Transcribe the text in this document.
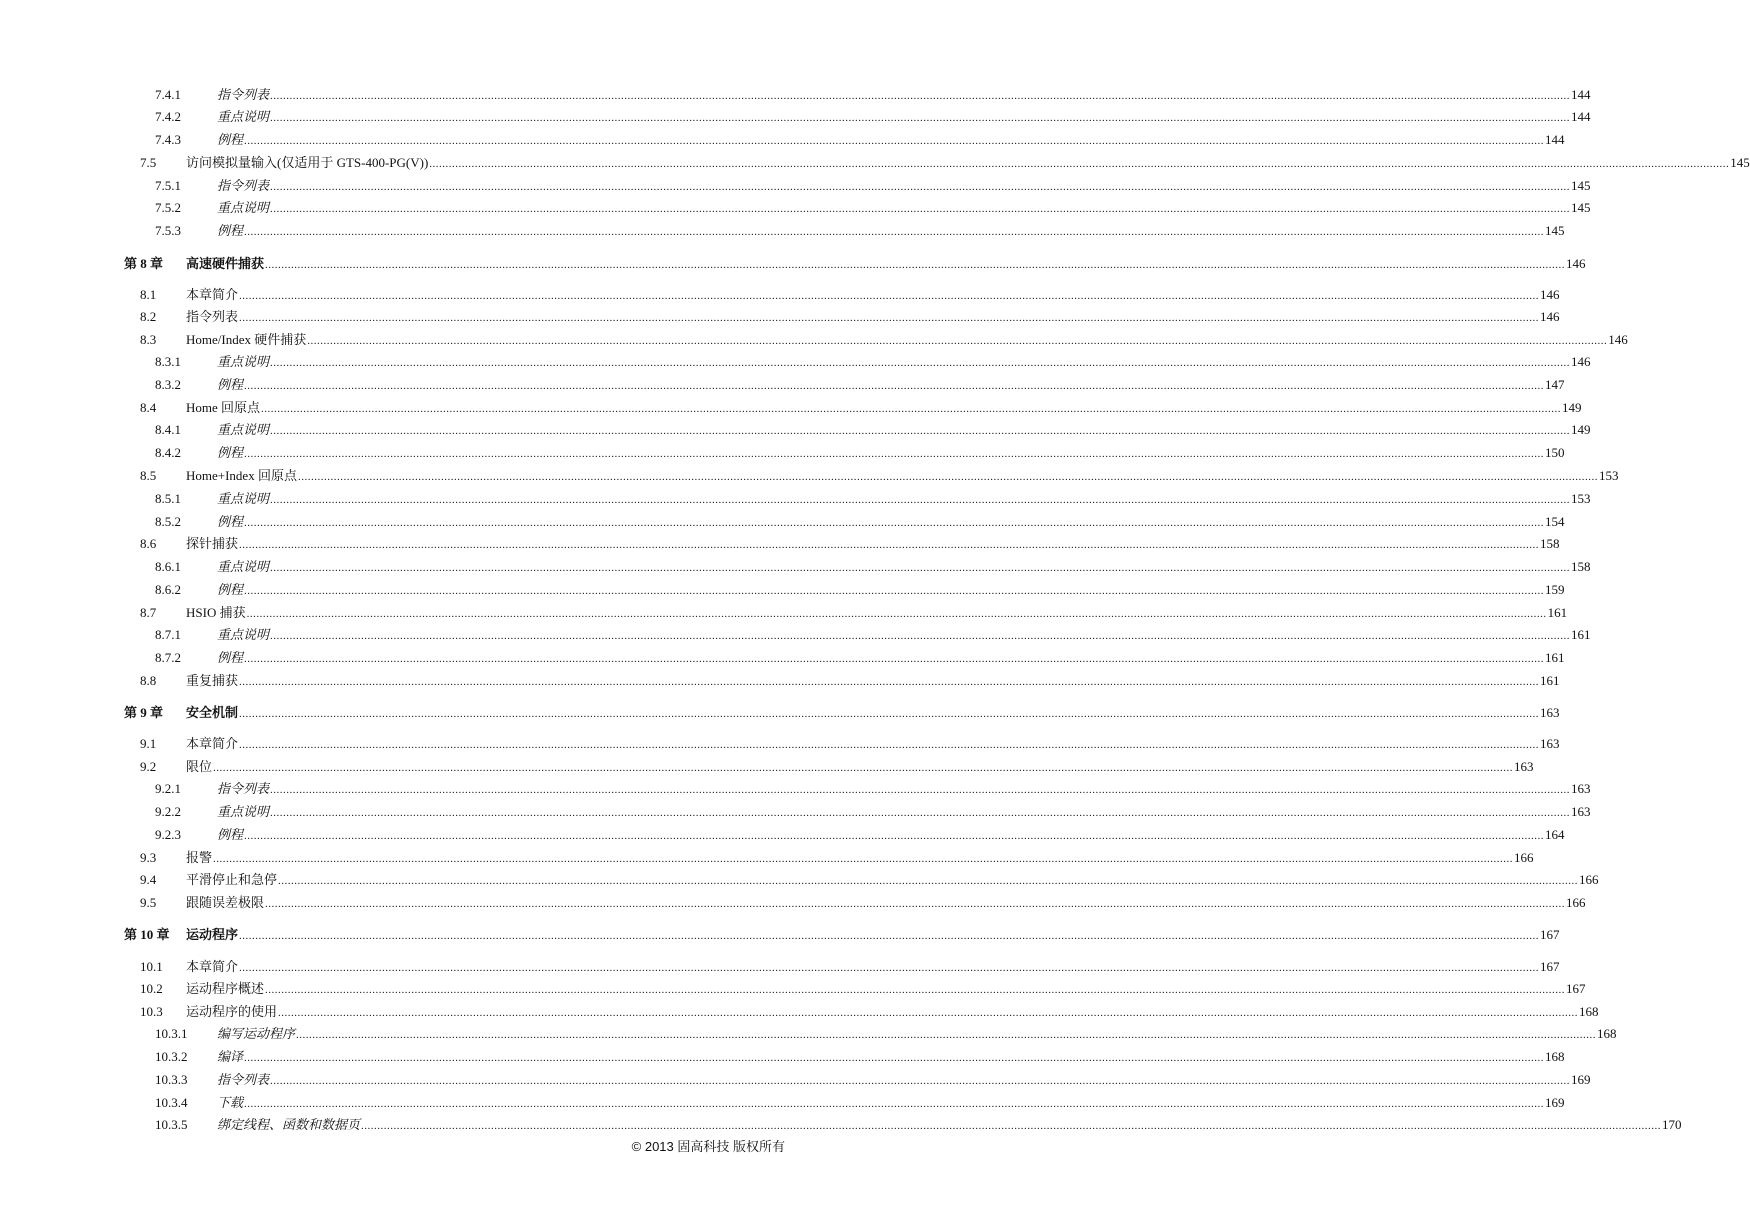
7.4.1	指令列表 ................................................................................................................................................................................................................................................................................................................................................................................................................ 144
7.4.2	重点说明 ................................................................................................................................................................................................................................................................................................................................................................................................................ 144
7.4.3	例程 ................................................................................................................................................................................................................................................................................................................................................................................................................ 144
7.5 访问模拟量输入(仅适用于 GTS-400-PG(V)) ................................................................................................................................................................................................................................................................................................................................................................................................................ 145
7.5.1	指令列表 ................................................................................................................................................................................................................................................................................................................................................................................................................ 145
7.5.2	重点说明 ................................................................................................................................................................................................................................................................................................................................................................................................................ 145
7.5.3	例程 ................................................................................................................................................................................................................................................................................................................................................................................................................ 145
第 8 章 高速硬件捕获 ................................................................................................................................................................................................................................................................................................................................................................................................................ 146
8.1 本章简介 ................................................................................................................................................................................................................................................................................................................................................................................................................ 146
8.2 指令列表 ................................................................................................................................................................................................................................................................................................................................................................................................................ 146
8.3 Home/Index 硬件捕获 ................................................................................................................................................................................................................................................................................................................................................................................................................ 146
8.3.1	重点说明 ................................................................................................................................................................................................................................................................................................................................................................................................................ 146
8.3.2	例程 ................................................................................................................................................................................................................................................................................................................................................................................................................ 147
8.4 Home 回原点 ................................................................................................................................................................................................................................................................................................................................................................................................................ 149
8.4.1	重点说明 ................................................................................................................................................................................................................................................................................................................................................................................................................ 149
8.4.2	例程 ................................................................................................................................................................................................................................................................................................................................................................................................................ 150
8.5 Home+Index 回原点 ................................................................................................................................................................................................................................................................................................................................................................................................................ 153
8.5.1	重点说明 ................................................................................................................................................................................................................................................................................................................................................................................................................ 153
8.5.2	例程 ................................................................................................................................................................................................................................................................................................................................................................................................................ 154
8.6 探针捕获 ................................................................................................................................................................................................................................................................................................................................................................................................................ 158
8.6.1	重点说明 ................................................................................................................................................................................................................................................................................................................................................................................................................ 158
8.6.2	例程 ................................................................................................................................................................................................................................................................................................................................................................................................................ 159
8.7 HSIO 捕获 ................................................................................................................................................................................................................................................................................................................................................................................................................ 161
8.7.1	重点说明 ................................................................................................................................................................................................................................................................................................................................................................................................................ 161
8.7.2	例程 ................................................................................................................................................................................................................................................................................................................................................................................................................ 161
8.8 重复捕获 ................................................................................................................................................................................................................................................................................................................................................................................................................ 161
第 9 章 安全机制 ................................................................................................................................................................................................................................................................................................................................................................................................................ 163
9.1 本章简介 ................................................................................................................................................................................................................................................................................................................................................................................................................ 163
9.2 限位 ................................................................................................................................................................................................................................................................................................................................................................................................................ 163
9.2.1	指令列表 ................................................................................................................................................................................................................................................................................................................................................................................................................ 163
9.2.2	重点说明 ................................................................................................................................................................................................................................................................................................................................................................................................................ 163
9.2.3	例程 ................................................................................................................................................................................................................................................................................................................................................................................................................ 164
9.3 报警 ................................................................................................................................................................................................................................................................................................................................................................................................................ 166
9.4 平滑停止和急停 ................................................................................................................................................................................................................................................................................................................................................................................................................ 166
9.5 跟随误差极限 ................................................................................................................................................................................................................................................................................................................................................................................................................ 166
第 10 章 运动程序 ................................................................................................................................................................................................................................................................................................................................................................................................................ 167
10.1 本章简介 ................................................................................................................................................................................................................................................................................................................................................................................................................ 167
10.2 运动程序概述 ................................................................................................................................................................................................................................................................................................................................................................................................................ 167
10.3 运动程序的使用 ................................................................................................................................................................................................................................................................................................................................................................................................................ 168
10.3.1 编写运动程序 ................................................................................................................................................................................................................................................................................................................................................................................................................ 168
10.3.2 编译 ................................................................................................................................................................................................................................................................................................................................................................................................................ 168
10.3.3 指令列表 ................................................................................................................................................................................................................................................................................................................................................................................................................ 169
10.3.4 下载 ................................................................................................................................................................................................................................................................................................................................................................................................................ 169
10.3.5 绑定线程、函数和数据页 ................................................................................................................................................................................................................................................................................................................................................................................................................ 170
© 2013 固高科技 版权所有
